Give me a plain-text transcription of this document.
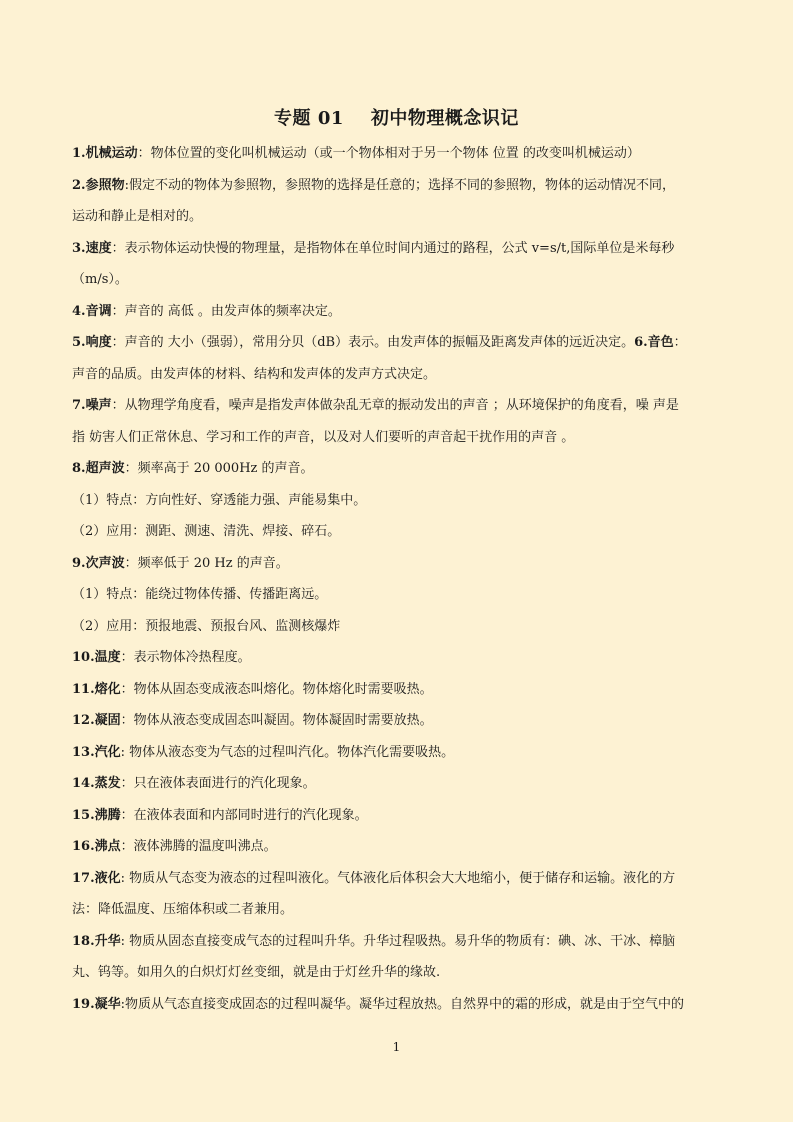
专题 01    初中物理概念识记
1.机械运动：物体位置的变化叫机械运动（或一个物体相对于另一个物体 位置 的改变叫机械运动）
2.参照物:假定不动的物体为参照物，参照物的选择是任意的；选择不同的参照物，物体的运动情况不同，
运动和静止是相对的。
3.速度：表示物体运动快慢的物理量，是指物体在单位时间内通过的路程，公式 v=s/t,国际单位是米每秒
（m/s）。
4.音调：声音的 高低 。由发声体的频率决定。
5.响度：声音的 大小（强弱），常用分贝（dB）表示。由发声体的振幅及距离发声体的远近决定。6.音色：
声音的品质。由发声体的材料、结构和发声体的发声方式决定。
7.噪声：从物理学角度看，噪声是指发声体做杂乱无章的振动发出的声音 ；从环境保护的角度看，噪 声是
指 妨害人们正常休息、学习和工作的声音，以及对人们要听的声音起干扰作用的声音 。
8.超声波：频率高于 20 000Hz 的声音。
（1）特点：方向性好、穿透能力强、声能易集中。
（2）应用：测距、测速、清洗、焊接、碎石。
9.次声波：频率低于 20 Hz 的声音。
（1）特点：能绕过物体传播、传播距离远。
（2）应用：预报地震、预报台风、监测核爆炸
10.温度：表示物体冷热程度。
11.熔化：物体从固态变成液态叫熔化。物体熔化时需要吸热。
12.凝固：物体从液态变成固态叫凝固。物体凝固时需要放热。
13.汽化: 物体从液态变为气态的过程叫汽化。物体汽化需要吸热。
14.蒸发：只在液体表面进行的汽化现象。
15.沸腾：在液体表面和内部同时进行的汽化现象。
16.沸点：液体沸腾的温度叫沸点。
17.液化: 物质从气态变为液态的过程叫液化。气体液化后体积会大大地缩小，便于储存和运输。液化的方
法：降低温度、压缩体积或二者兼用。
18.升华: 物质从固态直接变成气态的过程叫升华。升华过程吸热。易升华的物质有：碘、冰、干冰、樟脑
丸、钨等。如用久的白炽灯灯丝变细，就是由于灯丝升华的缘故.
19.凝华:物质从气态直接变成固态的过程叫凝华。凝华过程放热。自然界中的霜的形成，就是由于空气中的
1
